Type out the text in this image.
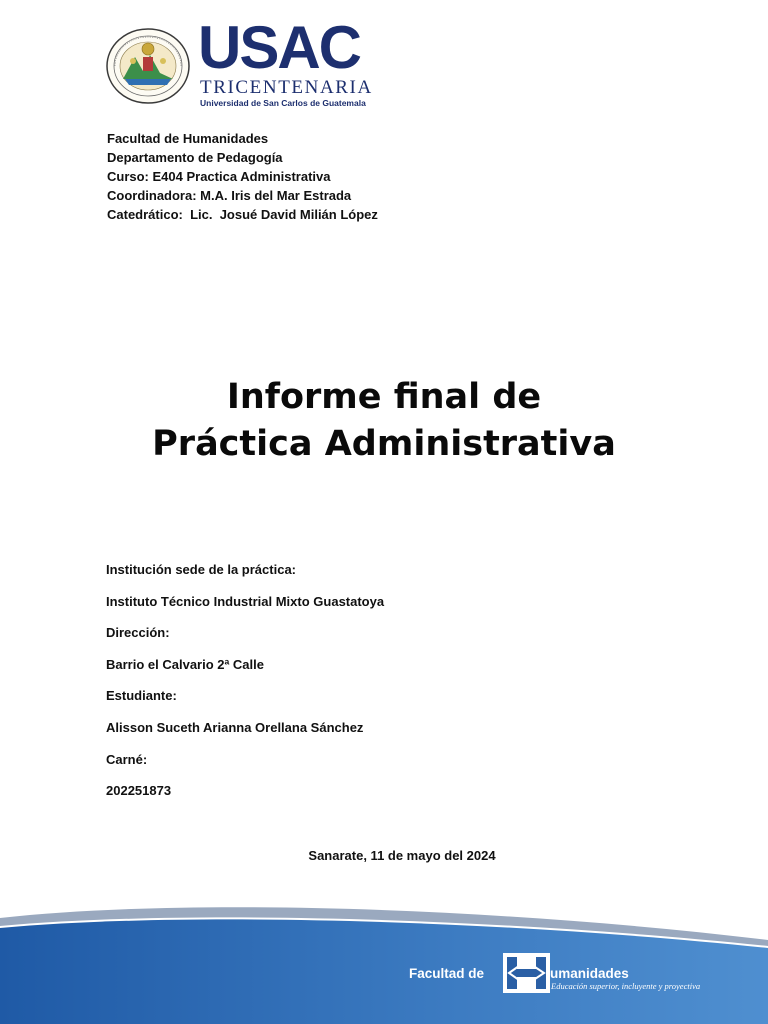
USAC
TRICENTENARIA
Universidad de San Carlos de Guatemala
Facultad de Humanidades
Departamento de Pedagogía
Curso: E404 Practica Administrativa
Coordinadora: M.A. Iris del Mar Estrada
Catedrático:  Lic.  Josué David Milián López
Informe final de
Práctica Administrativa
Institución sede de la práctica:
Instituto Técnico Industrial Mixto Guastatoya
Dirección:
Barrio el Calvario 2ª Calle
Estudiante:
Alisson Suceth Arianna Orellana Sánchez
Carné:
202251873
Sanarate, 11 de mayo del 2024
Facultad de	umanidades
Educación superior, incluyente y proyectiva
